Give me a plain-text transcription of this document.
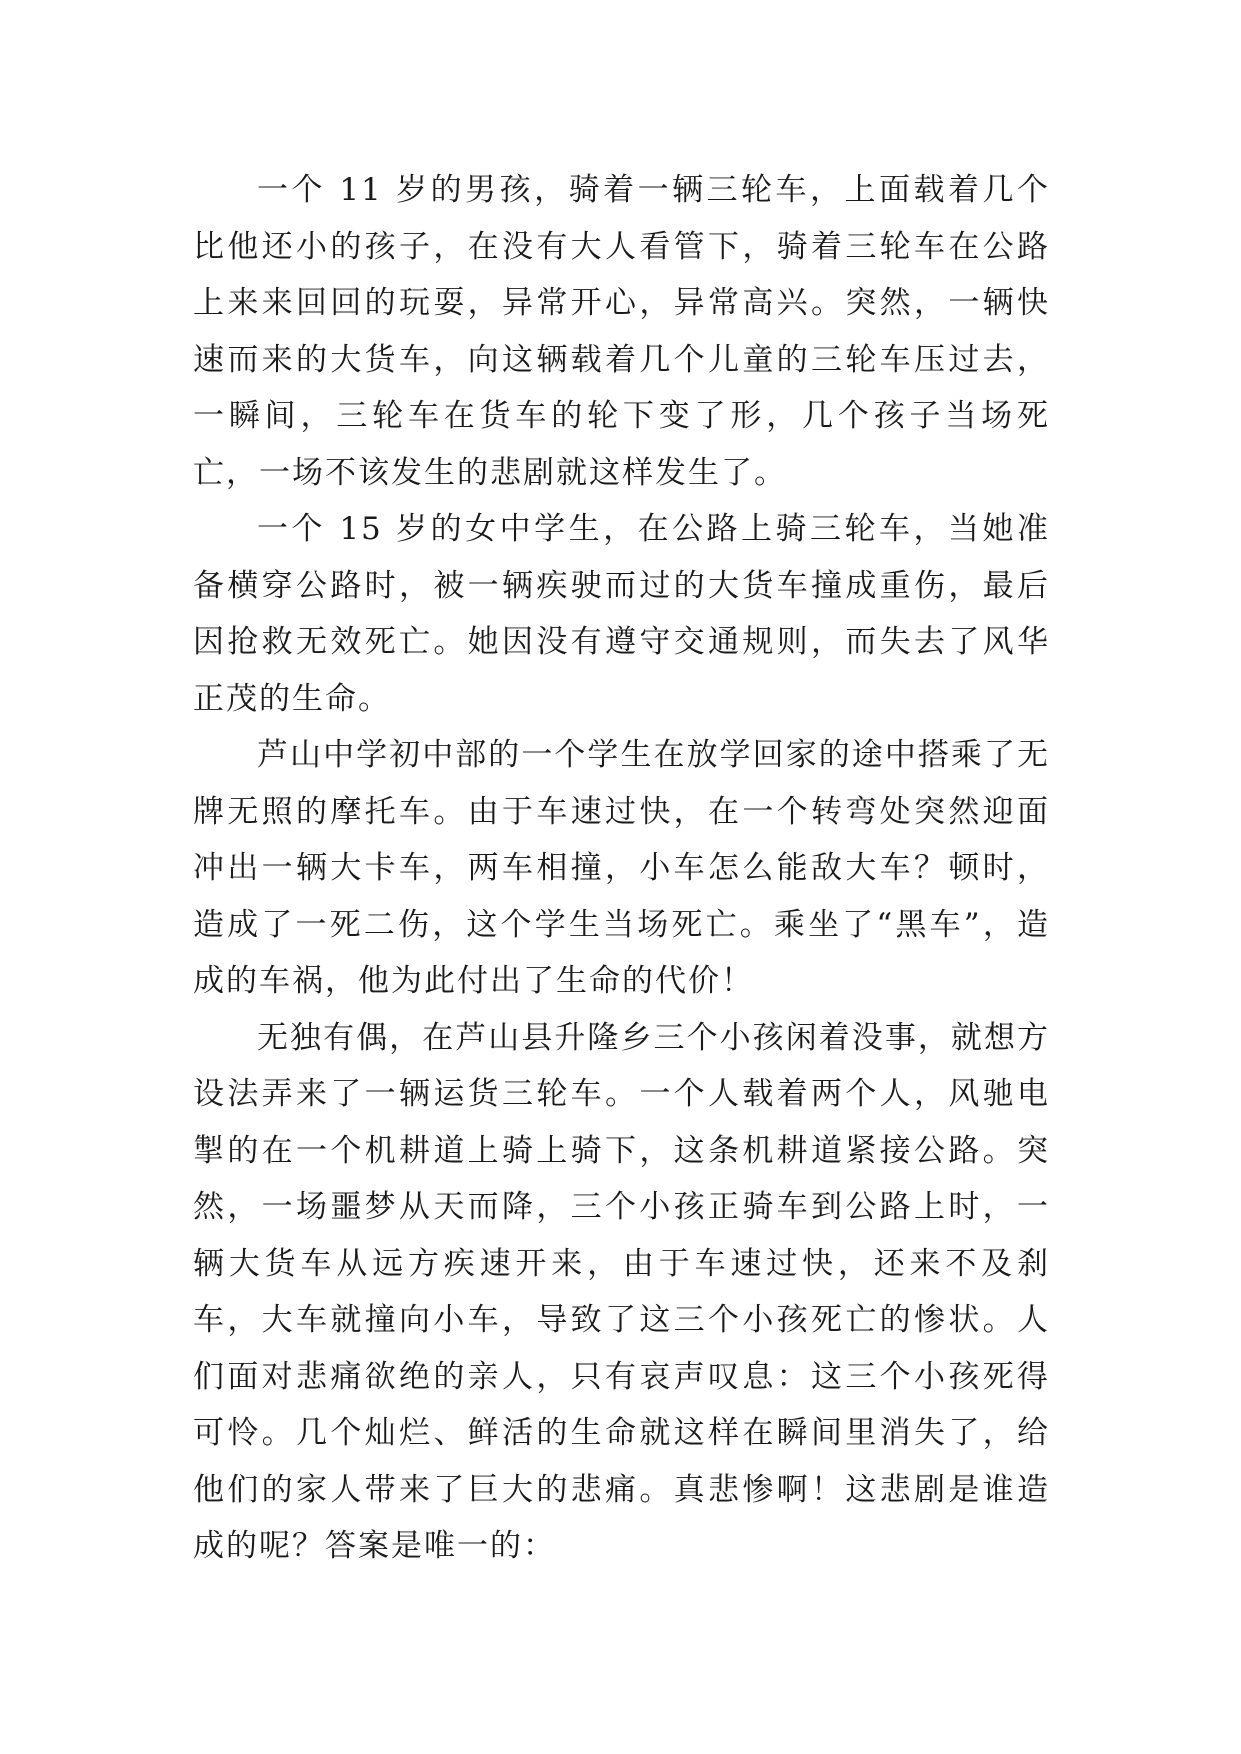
一个 11 岁的男孩，骑着一辆三轮车，上面载着几个比他还小的孩子，在没有大人看管下，骑着三轮车在公路上来来回回的玩耍，异常开心，异常高兴。突然，一辆快速而来的大货车，向这辆载着几个儿童的三轮车压过去，一瞬间，三轮车在货车的轮下变了形，几个孩子当场死亡，一场不该发生的悲剧就这样发生了。

一个 15 岁的女中学生，在公路上骑三轮车，当她准备横穿公路时，被一辆疾驶而过的大货车撞成重伤，最后因抢救无效死亡。她因没有遵守交通规则，而失去了风华正茂的生命。

芦山中学初中部的一个学生在放学回家的途中搭乘了无牌无照的摩托车。由于车速过快，在一个转弯处突然迎面冲出一辆大卡车，两车相撞，小车怎么能敌大车？顿时，造成了一死二伤，这个学生当场死亡。乘坐了“黑车”，造成的车祸，他为此付出了生命的代价！

无独有偶，在芦山县升隆乡三个小孩闲着没事，就想方设法弄来了一辆运货三轮车。一个人载着两个人，风驰电掣的在一个机耕道上骑上骑下，这条机耕道紧接公路。突然，一场噩梦从天而降，三个小孩正骑车到公路上时，一辆大货车从远方疾速开来，由于车速过快，还来不及刹车，大车就撞向小车，导致了这三个小孩死亡的惨状。人们面对悲痛欲绝的亲人，只有哀声叹息：这三个小孩死得可怜。几个灿烂、鲜活的生命就这样在瞬间里消失了，给他们的家人带来了巨大的悲痛。真悲惨啊！这悲剧是谁造成的呢？答案是唯一的：
